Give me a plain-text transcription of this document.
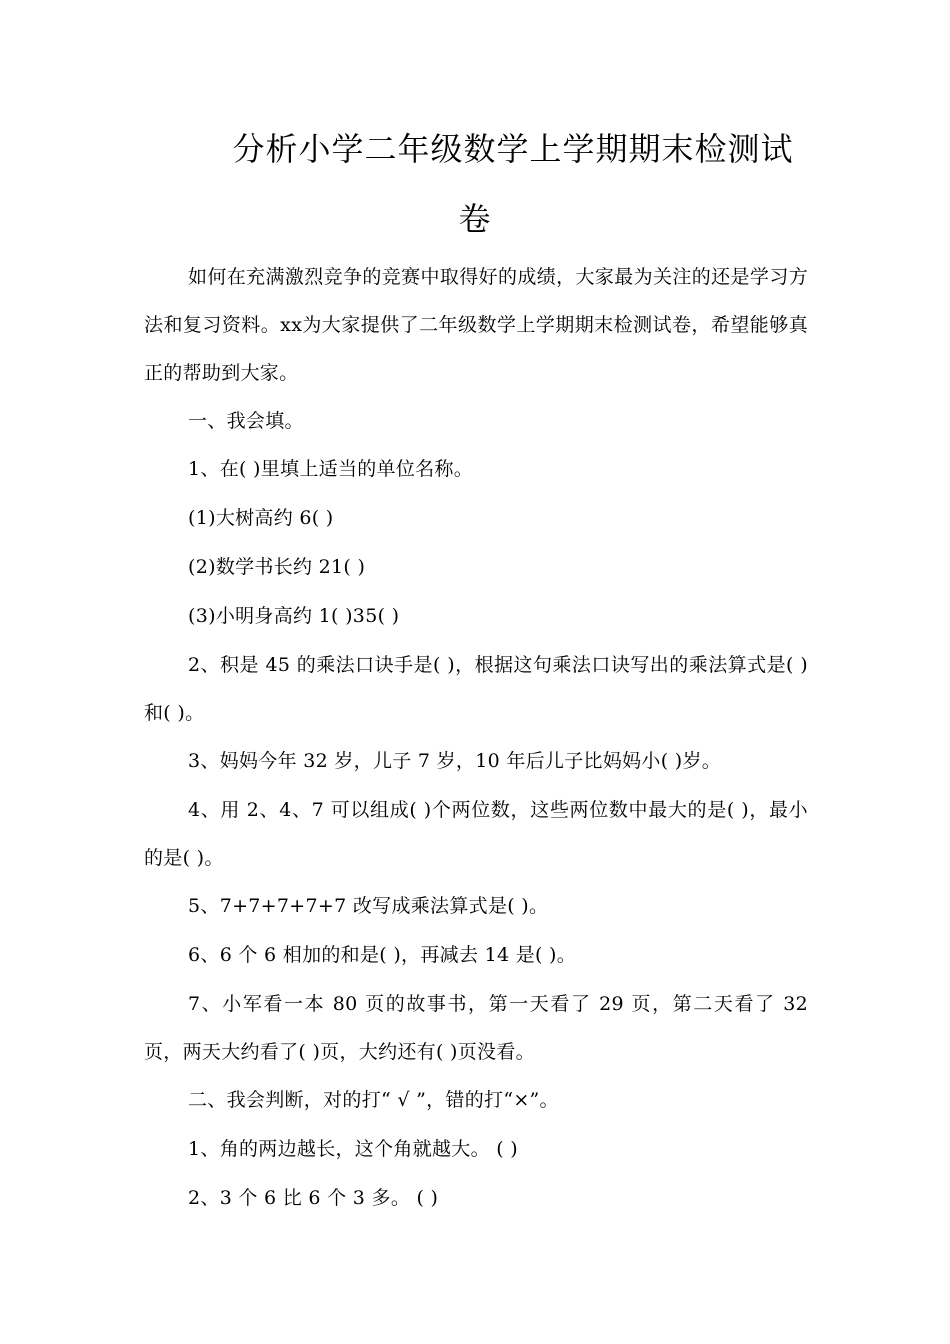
分析小学二年级数学上学期期末检测试
卷

如何在充满激烈竞争的竞赛中取得好的成绩，大家最为关注的还是学习方法和复习资料。xx为大家提供了二年级数学上学期期末检测试卷，希望能够真正的帮助到大家。

一、我会填。

1、在( )里填上适当的单位名称。

(1)大树高约 6( )

(2)数学书长约 21( )

(3)小明身高约 1( )35( )

2、积是 45 的乘法口诀手是( )，根据这句乘法口诀写出的乘法算式是( )和( )。

3、妈妈今年 32 岁，儿子 7 岁，10 年后儿子比妈妈小( )岁。

4、用 2、4、7 可以组成( )个两位数，这些两位数中最大的是( )，最小的是( )。

5、7+7+7+7+7 改写成乘法算式是( )。

6、6 个 6 相加的和是( )，再减去 14 是( )。

7、小军看一本 80 页的故事书，第一天看了 29 页，第二天看了 32 页，两天大约看了( )页，大约还有( )页没看。

二、我会判断，对的打“ √ ”，错的打“×”。

1、角的两边越长，这个角就越大。 ( )

2、3 个 6 比 6 个 3 多。 ( )
